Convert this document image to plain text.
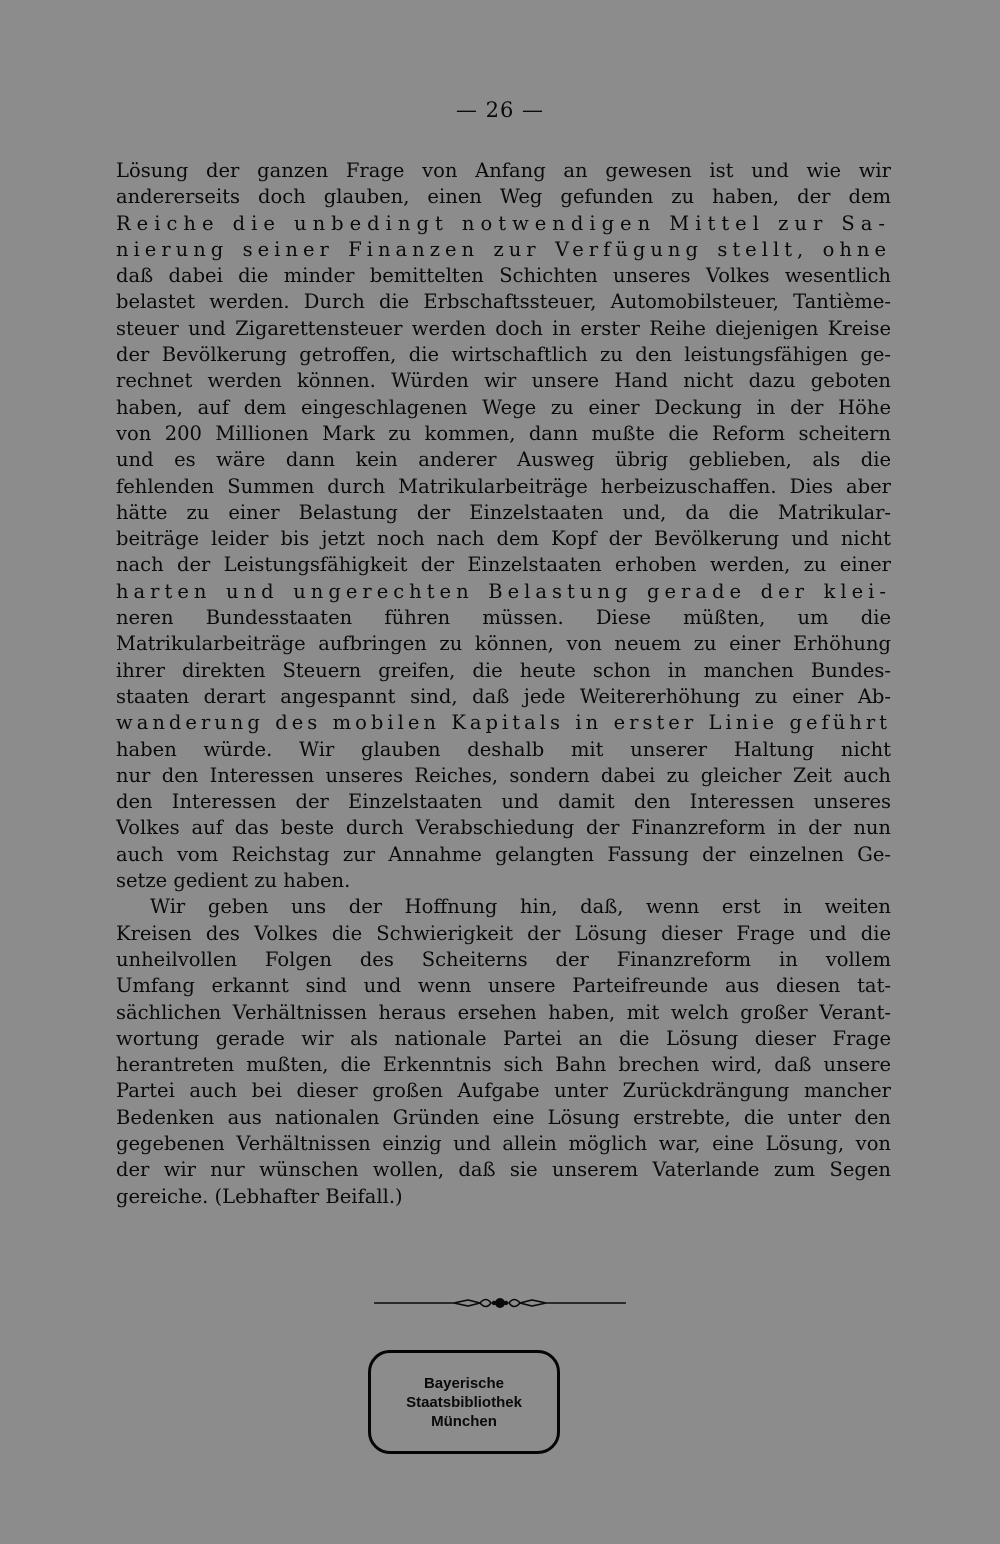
— 26 —
Lösung der ganzen Frage von Anfang an gewesen ist und wie wir
andererseits doch glauben, einen Weg gefunden zu haben, der dem
Reiche die unbedingt notwendigen Mittel zur Sa-
nierung seiner Finanzen zur Verfügung stellt, ohne
daß dabei die minder bemittelten Schichten unseres Volkes wesentlich
belastet werden. Durch die Erbschaftssteuer, Automobilsteuer, Tantième-
steuer und Zigarettensteuer werden doch in erster Reihe diejenigen Kreise
der Bevölkerung getroffen, die wirtschaftlich zu den leistungsfähigen ge-
rechnet werden können. Würden wir unsere Hand nicht dazu geboten
haben, auf dem eingeschlagenen Wege zu einer Deckung in der Höhe
von 200 Millionen Mark zu kommen, dann mußte die Reform scheitern
und es wäre dann kein anderer Ausweg übrig geblieben, als die
fehlenden Summen durch Matrikularbeiträge herbeizuschaffen. Dies aber
hätte zu einer Belastung der Einzelstaaten und, da die Matrikular-
beiträge leider bis jetzt noch nach dem Kopf der Bevölkerung und nicht
nach der Leistungsfähigkeit der Einzelstaaten erhoben werden, zu einer
harten und ungerechten Belastung gerade der klei-
neren Bundesstaaten führen müssen. Diese müßten, um die
Matrikularbeiträge aufbringen zu können, von neuem zu einer Erhöhung
ihrer direkten Steuern greifen, die heute schon in manchen Bundes-
staaten derart angespannt sind, daß jede Weitererhöhung zu einer Ab-
wanderung des mobilen Kapitals in erster Linie geführt
haben würde. Wir glauben deshalb mit unserer Haltung nicht
nur den Interessen unseres Reiches, sondern dabei zu gleicher Zeit auch
den Interessen der Einzelstaaten und damit den Interessen unseres
Volkes auf das beste durch Verabschiedung der Finanzreform in der nun
auch vom Reichstag zur Annahme gelangten Fassung der einzelnen Ge-
setze gedient zu haben.
Wir geben uns der Hoffnung hin, daß, wenn erst in weiten
Kreisen des Volkes die Schwierigkeit der Lösung dieser Frage und die
unheilvollen Folgen des Scheiterns der Finanzreform in vollem
Umfang erkannt sind und wenn unsere Parteifreunde aus diesen tat-
sächlichen Verhältnissen heraus ersehen haben, mit welch großer Verant-
wortung gerade wir als nationale Partei an die Lösung dieser Frage
herantreten mußten, die Erkenntnis sich Bahn brechen wird, daß unsere
Partei auch bei dieser großen Aufgabe unter Zurückdrängung mancher
Bedenken aus nationalen Gründen eine Lösung erstrebte, die unter den
gegebenen Verhältnissen einzig und allein möglich war, eine Lösung, von
der wir nur wünschen wollen, daß sie unserem Vaterlande zum Segen
gereiche. (Lebhafter Beifall.)
Bayerische
Staatsbibliothek
München
